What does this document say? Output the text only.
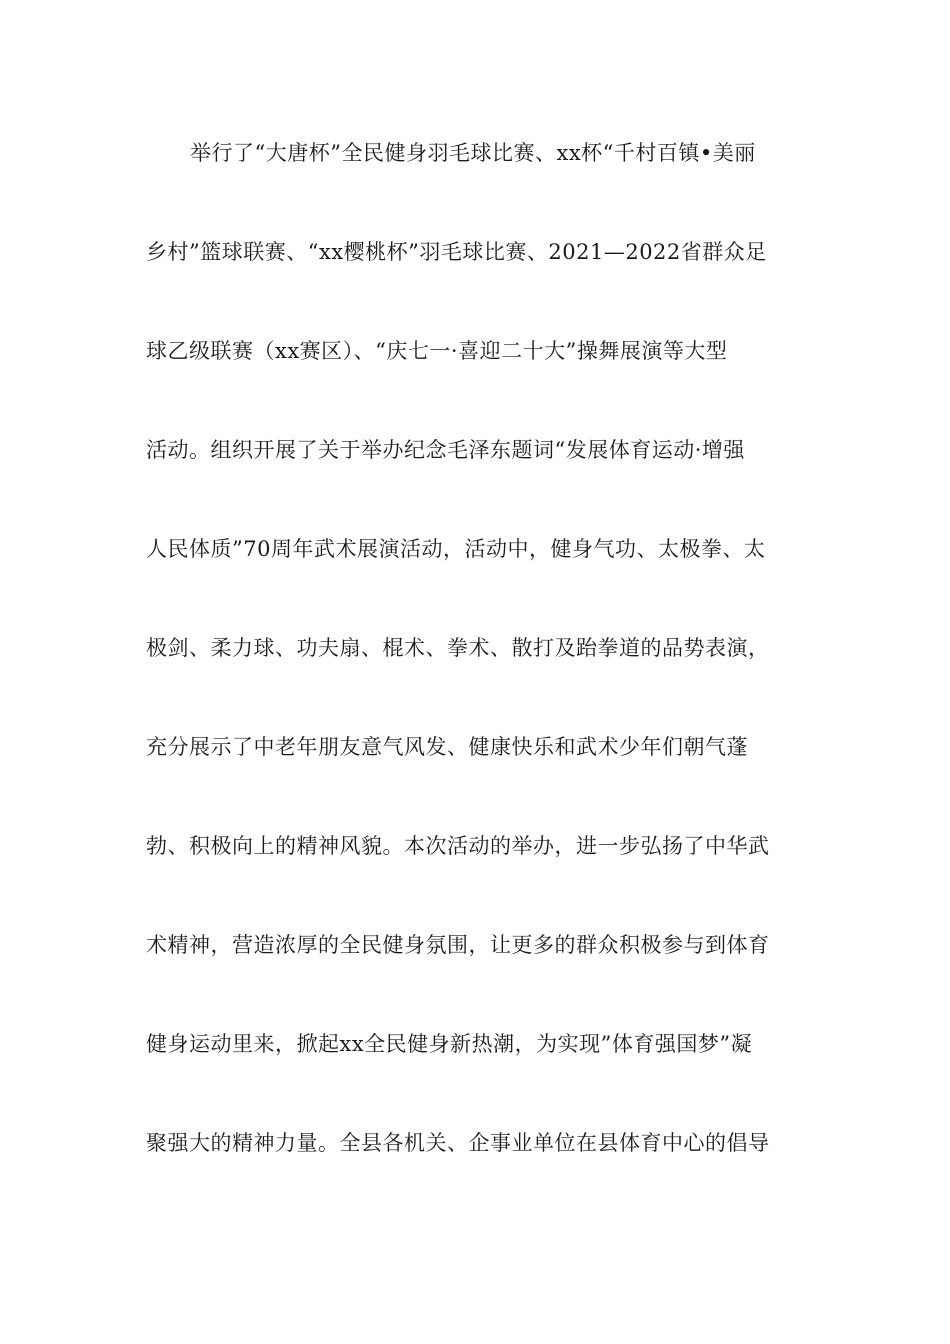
举行了“大唐杯”全民健身羽毛球比赛、xx杯“千村百镇•美丽
乡村”篮球联赛、“xx樱桃杯”羽毛球比赛、2021—2022省群众足
球乙级联赛（xx赛区）、“庆七一·喜迎二十大”操舞展演等大型
活动。组织开展了关于举办纪念毛泽东题词“发展体育运动·增强
人民体质”70周年武术展演活动，活动中，健身气功、太极拳、太
极剑、柔力球、功夫扇、棍术、拳术、散打及跆拳道的品势表演，
充分展示了中老年朋友意气风发、健康快乐和武术少年们朝气蓬
勃、积极向上的精神风貌。本次活动的举办，进一步弘扬了中华武
术精神，营造浓厚的全民健身氛围，让更多的群众积极参与到体育
健身运动里来，掀起xx全民健身新热潮，为实现”体育强国梦”凝
聚强大的精神力量。全县各机关、企事业单位在县体育中心的倡导
